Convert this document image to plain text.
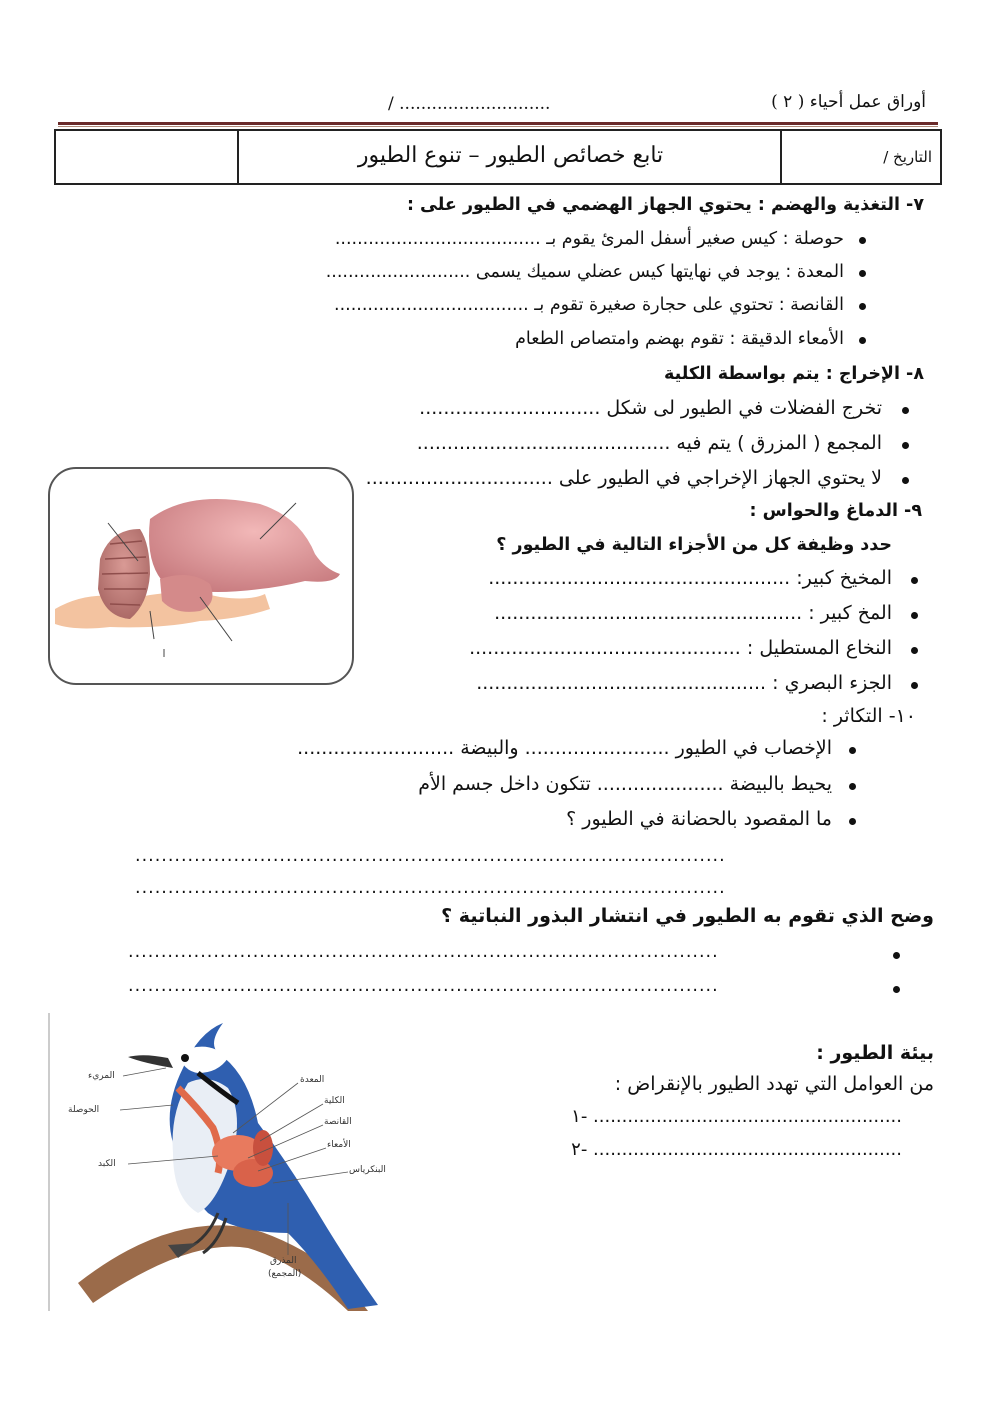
أوراق عمل أحياء ( ٢ )
/ ............................
تابع خصائص الطيور – تنوع الطيور	التاريخ /
٧- التغذية والهضم : يحتوي الجهاز الهضمي في الطيور على :
حوصلة : كيس صغير أسفل المرئ يقوم بـ .....................................
المعدة : يوجد في نهايتها كيس عضلي سميك يسمى ..........................
القانصة : تحتوي على حجارة صغيرة تقوم بـ ...................................
الأمعاء الدقيقة : تقوم بهضم وامتصاص الطعام
٨- الإخراج : يتم بواسطة الكلية
تخرج الفضلات في الطيور لى شكل ..............................
المجمع ( المزرق ) يتم فيه ..........................................
لا يحتوي الجهاز الإخراجي في الطيور على ...............................
٩- الدماغ والحواس :
حدد وظيفة كل من الأجزاء التالية في الطيور ؟
المخيخ كبير: ..................................................
المخ كبير : ...................................................
النخاع المستطيل : .............................................
الجزء البصري : ................................................
١٠- التكاثر :
الإخصاب في الطيور ........................ والبيضة ..........................
يحيط بالبيضة ..................... تتكون داخل جسم الأم
ما المقصود بالحضانة في الطيور ؟
..........................................................................................
..........................................................................................
وضح الذي تقوم به الطيور في انتشار البذور النباتية ؟
..........................................................................................
..........................................................................................
المريء
الحوصلة
الكبد
المعدة
الكلية
القانصة
الأمعاء
البنكرياس
المذرق
(المجمع)
بيئة الطيور :
من العوامل التي تهدد الطيور بالإنقراض :
١- ......................................................
٢- ......................................................
